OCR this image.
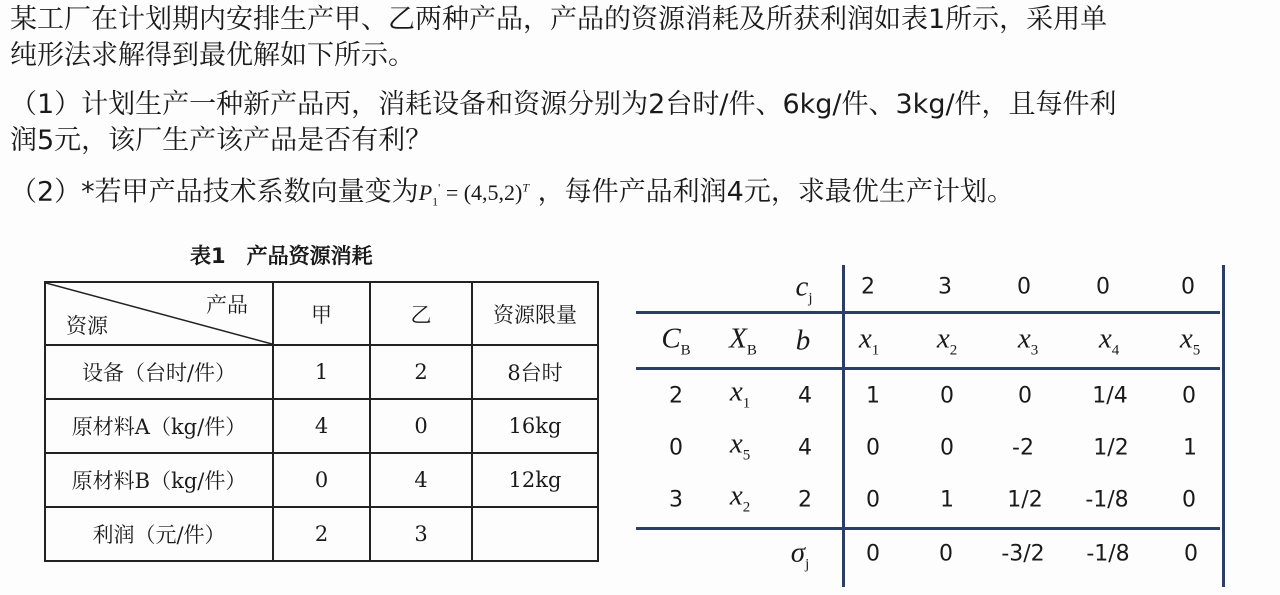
某工厂在计划期内安排生产甲、乙两种产品，产品的资源消耗及所获利润如表1所示，采用单
纯形法求解得到最优解如下所示。
（1）计划生产一种新产品丙，消耗设备和资源分别为2台时/件、6kg/件、3kg/件，且每件利
润5元，该厂生产该产品是否有利？
（2）*若甲产品技术系数向量变为$P_1' = (4,5,2)^T$ ，每件产品利润4元，求最优生产计划。
表1　产品资源消耗
产品
资源	甲	乙	资源限量
设备（台时/件）	1	2	8台时
原材料A（kg/件）	4	0	16kg
原材料B（kg/件）	0	4	12kg
利润（元/件）	2	3	
$c_j$ 2	3	0	0	0
$C_B$ $X_B$ b $x_1$ $x_2$ $x_3$ $x_4$ $x_5$
2 $x_1$ 4 1	0	0	1/4 0
0 $x_5$ 4 0	0	-2	1/2 1
3 $x_2$ 2 0	1 1/2 -1/8 0
$\sigma_j$	0	0 -3/2 -1/8 0
